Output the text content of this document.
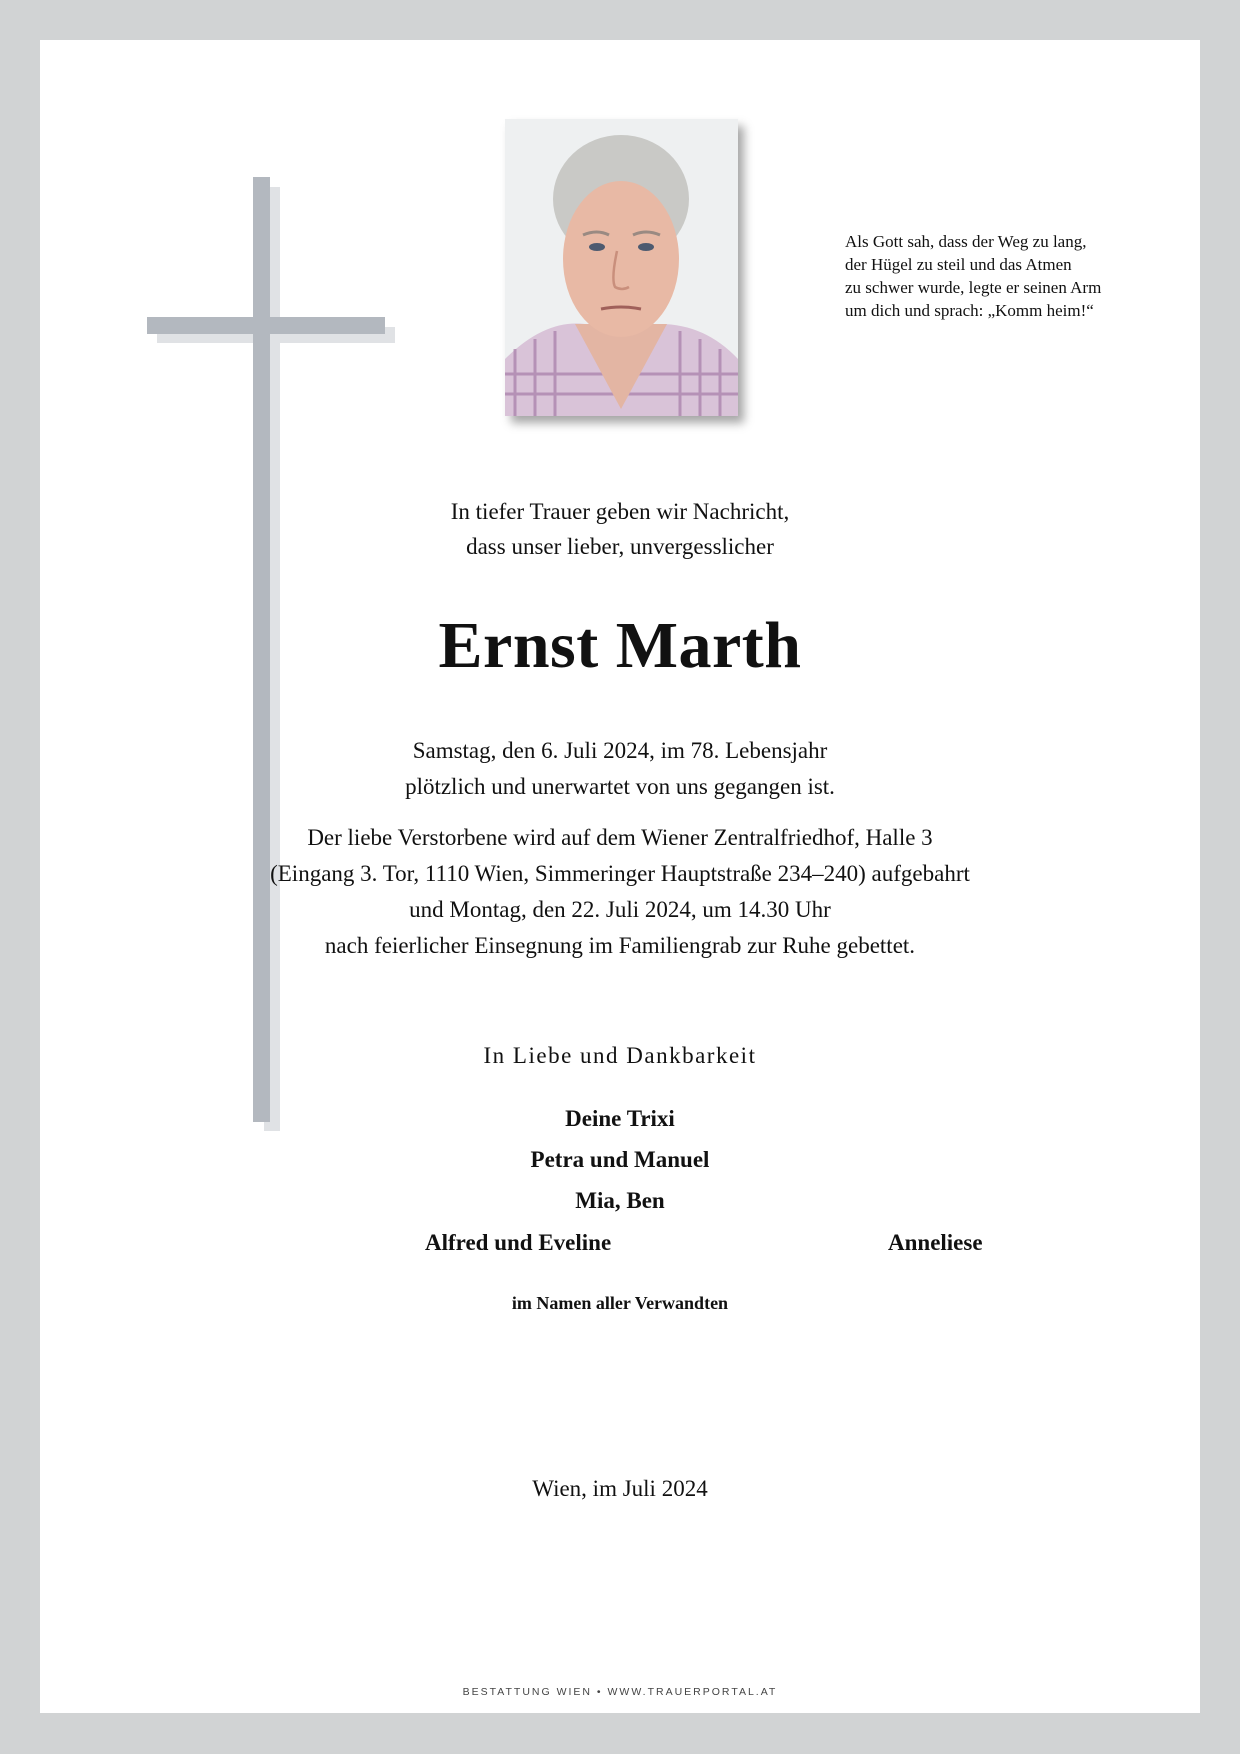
Als Gott sah, dass der Weg zu lang,
der Hügel zu steil und das Atmen
zu schwer wurde, legte er seinen Arm
um dich und sprach: „Komm heim!“
In tiefer Trauer geben wir Nachricht,
dass unser lieber, unvergesslicher
Ernst Marth
Samstag, den 6. Juli 2024, im 78. Lebensjahr
plötzlich und unerwartet von uns gegangen ist.
Der liebe Verstorbene wird auf dem Wiener Zentralfriedhof, Halle 3
(Eingang 3. Tor, 1110 Wien, Simmeringer Hauptstraße 234–240) aufgebahrt
und Montag, den 22. Juli 2024, um 14.30 Uhr
nach feierlicher Einsegnung im Familiengrab zur Ruhe gebettet.
In Liebe und Dankbarkeit
Deine Trixi
Petra und Manuel
Mia, Ben
Alfred und Eveline	Anneliese
im Namen aller Verwandten
Wien, im Juli 2024
BESTATTUNG WIEN • WWW.TRAUERPORTAL.AT
